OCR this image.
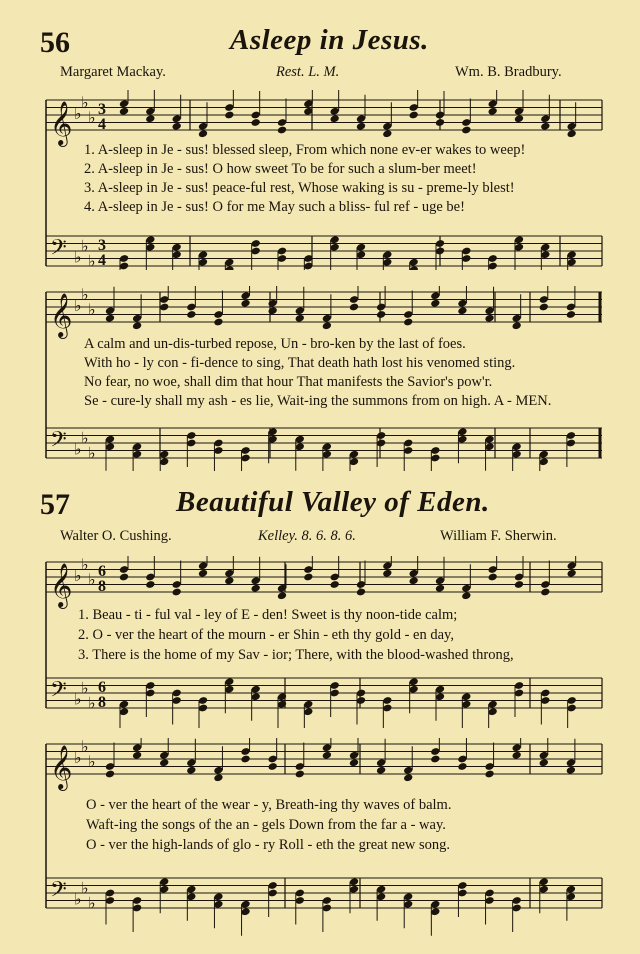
56	Asleep in Jesus.
Margaret Mackay.	Rest. L. M.	Wm. B. Bradbury.
𝄞 ♭
♭
♭ 3
4
𝄢 ♭
♭
♭
3
4
1. A-sleep in Je - sus! blessed sleep, From which none ev-er wakes to weep!
2. A-sleep in Je - sus! O how sweet To be for such a slum-ber meet!
3. A-sleep in Je - sus! peace-ful rest, Whose waking is su - preme-ly blest!
4. A-sleep in Je - sus! O for me May such a bliss- ful ref - uge be!
𝄞 ♭
♭
♭
𝄢 ♭
♭
♭
A calm and un-dis-turbed repose, Un - bro-ken by the last of foes.
With ho - ly con - fi-dence to sing, That death hath lost his venomed sting.
No fear, no woe, shall dim that hour That manifests the Savior's pow'r.
Se - cure-ly shall my ash - es lie, Wait-ing the summons from on high. A - MEN.
57	Beautiful Valley of Eden.
Walter O. Cushing.	Kelley. 8. 6. 8. 6.	William F. Sherwin.
𝄞 ♭
♭
♭ 6
8
𝄢 ♭
♭
♭
6
8
1. Beau - ti - ful val - ley of E - den! Sweet is thy noon-tide calm;
2. O - ver the heart of the mourn - er Shin - eth thy gold - en day,
3. There is the home of my Sav - ior; There, with the blood-washed throng,
𝄞 ♭
♭
♭
𝄢 ♭
♭
♭
O - ver the heart of the wear - y, Breath-ing thy waves of balm.
Waft-ing the songs of the an - gels Down from the far a - way.
O - ver the high-lands of glo - ry Roll - eth the great new song.
